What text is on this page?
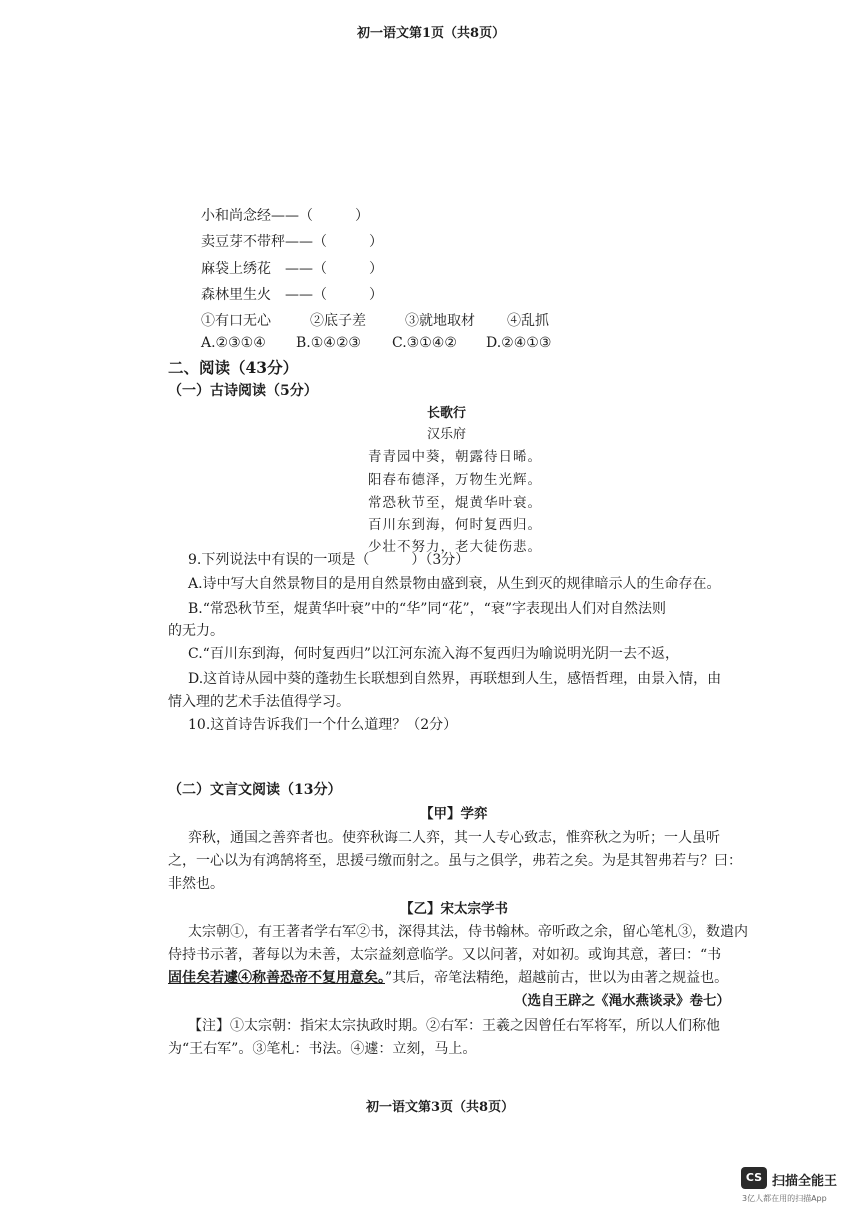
初一语文第1页（共8页）
小和尚念经——（　　　）
卖豆芽不带秤——（　　　）
麻袋上绣花　——（　　　）
森林里生火　——（　　　）
①有口无心	②底子差	③就地取材 ④乱抓
A.②③①④ B.①④②③ C.③①④② D.②④①③
二、阅读（43分）
（一）古诗阅读（5分）
长歌行
汉乐府
青青园中葵，朝露待日晞。
阳春布德泽，万物生光辉。
常恐秋节至，焜黄华叶衰。
百川东到海，何时复西归。
少壮不努力，老大徒伤悲。
9.下列说法中有误的一项是（　　　）（3分）
A.诗中写大自然景物目的是用自然景物由盛到衰，从生到灭的规律暗示人的生命存在。
B.“常恐秋节至，焜黄华叶衰”中的“华”同“花”，“衰”字表现出人们对自然法则
的无力。
C.“百川东到海，何时复西归”以江河东流入海不复西归为喻说明光阴一去不返，
D.这首诗从园中葵的蓬勃生长联想到自然界，再联想到人生，感悟哲理，由景入情，由
情入理的艺术手法值得学习。
10.这首诗告诉我们一个什么道理？（2分）
（二）文言文阅读（13分）
【甲】学弈
弈秋，通国之善弈者也。使弈秋诲二人弈，其一人专心致志，惟弈秋之为听；一人虽听
之，一心以为有鸿鹄将至，思援弓缴而射之。虽与之俱学，弗若之矣。为是其智弗若与？曰：
非然也。
【乙】宋太宗学书
太宗朝①，有王著者学右军②书，深得其法，侍书翰林。帝听政之余，留心笔札③，数遣内
侍持书示著，著每以为未善，太宗益刻意临学。又以问著，对如初。或询其意，著曰：“书
固佳矣若遽④称善恐帝不复用意矣。”其后，帝笔法精绝，超越前古，世以为由著之规益也。
（选自王辟之《渑水燕谈录》卷七）
【注】①太宗朝：指宋太宗执政时期。②右军：王羲之因曾任右军将军，所以人们称他
为“王右军”。③笔札：书法。④遽：立刻，马上。
初一语文第3页（共8页）
CS 扫描全能王
3亿人都在用的扫描App
